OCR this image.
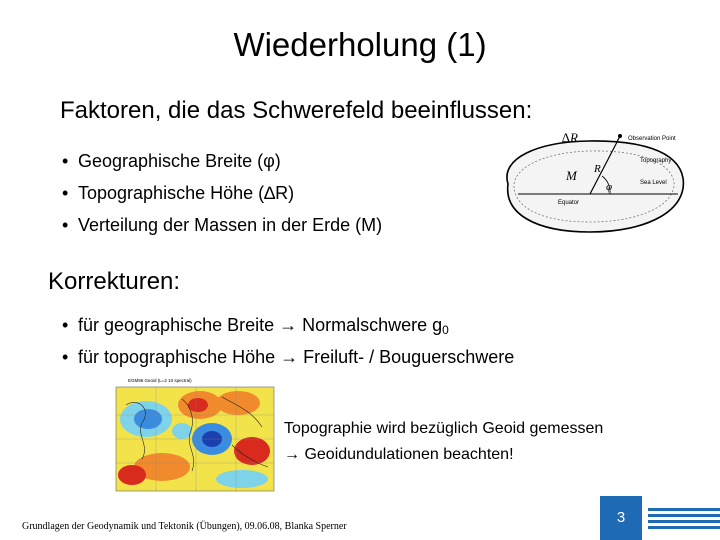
Wiederholung (1)
Faktoren, die das Schwerefeld beeinflussen:
• Geographische Breite (φ)
• Topographische Höhe (∆R)
• Verteilung der Massen in der Erde (M)
M R
φ
∆R	Observation Point
Topography
Sea Level
Equator
Korrekturen:
• für geographische Breite → Normalschwere $g_0$
• für topographische Höhe → Freiluft- / Bouguerschwere
EGM96 Geoid (L=2 10 spectral)
Topographie wird bezüglich Geoid gemessen
→ Geoidundulationen beachten!
Grundlagen der Geodynamik und Tektonik (Übungen), 09.06.08, Blanka Sperner
3
